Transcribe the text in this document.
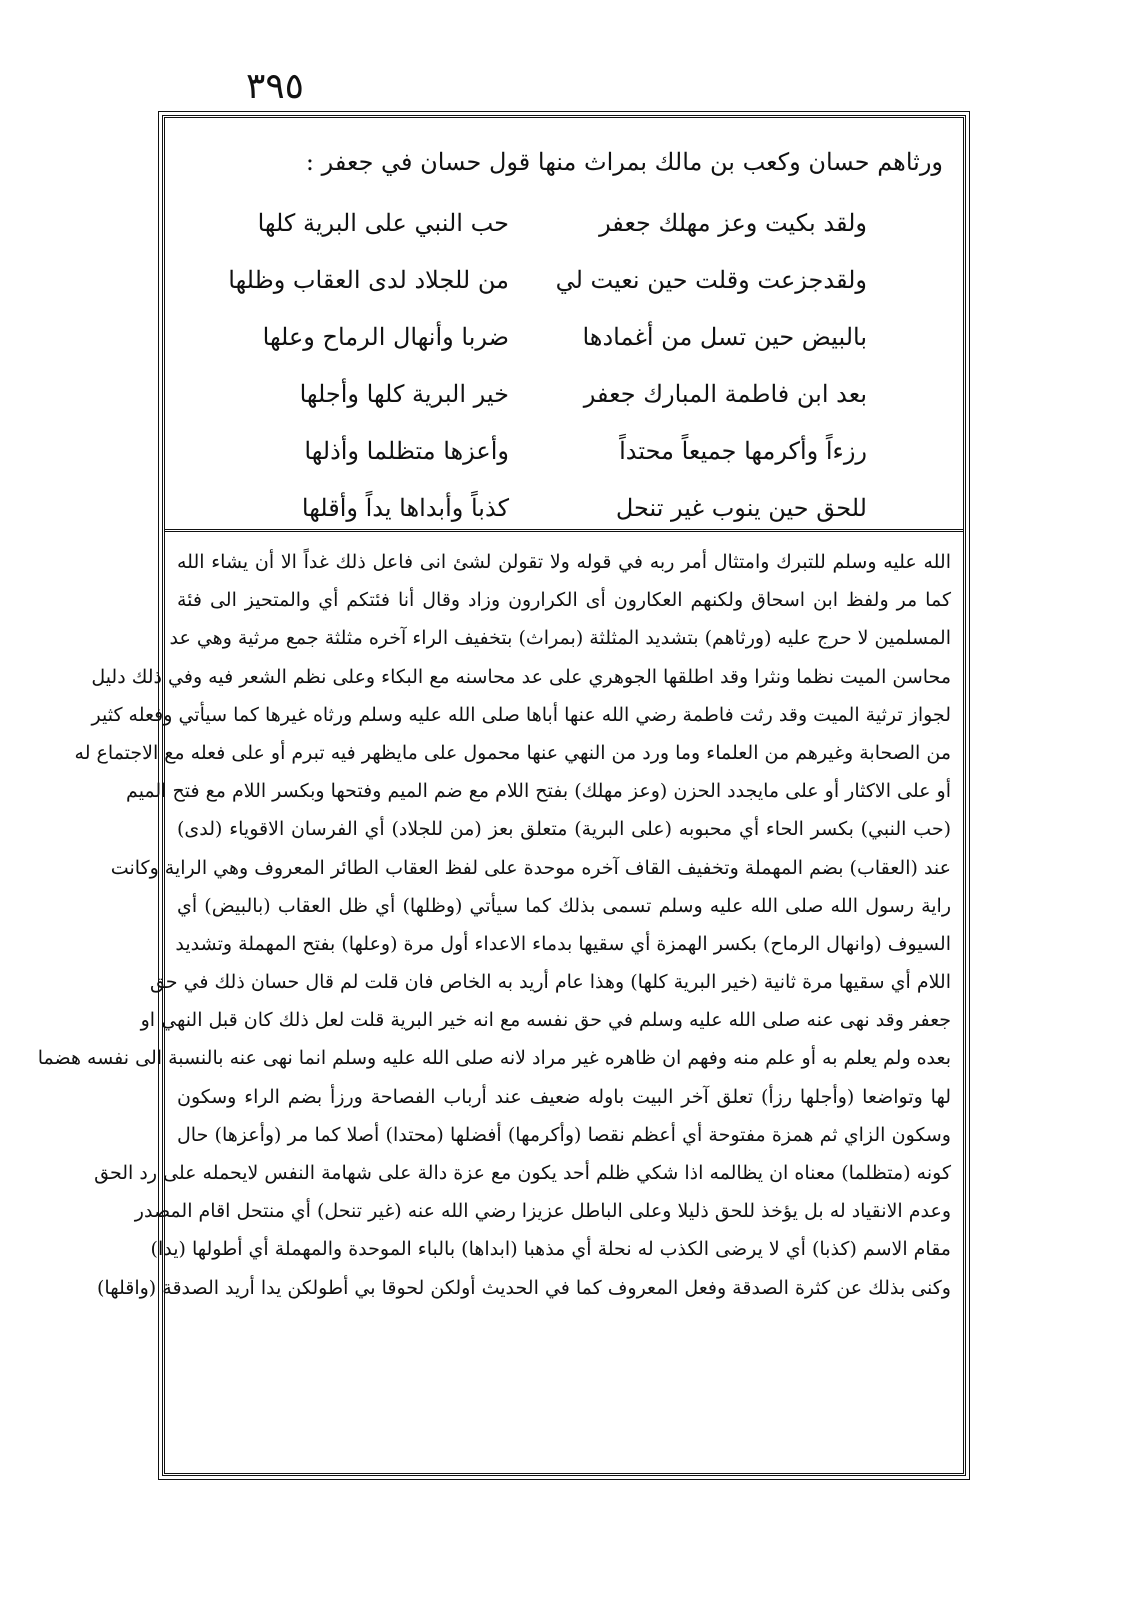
٣٩٥

ورثاهم حسان وكعب بن مالك بمراث منها قول حسان في جعفر :

ولقد بكيت وعز مهلك جعفر
حب النبي على البرية كلها
ولقدجزعت وقلت حين نعيت لي
من للجلاد لدى العقاب وظلها
بالبيض حين تسل من أغمادها
ضربا وأنهال الرماح وعلها
بعد ابن فاطمة المبارك جعفر
خير البرية كلها وأجلها
رزءاً وأكرمها جميعاً محتداً
وأعزها متظلما وأذلها
للحق حين ينوب غير تنحل
كذباً وأبداها يداً وأقلها
الله عليه وسلم للتبرك وامتثال أمر ربه في قوله ولا تقولن لشئ انى فاعل ذلك غداً الا أن يشاء الله
كما مر ولفظ ابن اسحاق ولكنهم العكارون أى الكرارون وزاد وقال أنا فئتكم أي والمتحيز الى فئة
المسلمين لا حرج عليه (ورثاهم) بتشديد المثلثة (بمراث) بتخفيف الراء آخره مثلثة جمع مرثية وهي عد
محاسن الميت نظما ونثرا وقد اطلقها الجوهري على عد محاسنه مع البكاء وعلى نظم الشعر فيه وفي ذلك دليل
لجواز ترثية الميت وقد رثت فاطمة رضي الله عنها أباها صلى الله عليه وسلم ورثاه غيرها كما سيأتي وفعله كثير
من الصحابة وغيرهم من العلماء وما ورد من النهي عنها محمول على مايظهر فيه تبرم أو على فعله مع الاجتماع له
أو على الاكثار أو على مايجدد الحزن (وعز مهلك) بفتح اللام مع ضم الميم وفتحها وبكسر اللام مع فتح الميم
(حب النبي) بكسر الحاء أي محبوبه (على البرية) متعلق بعز (من للجلاد) أي الفرسان الاقوياء (لدى)
عند (العقاب) بضم المهملة وتخفيف القاف آخره موحدة على لفظ العقاب الطائر المعروف وهي الراية وكانت
راية رسول الله صلى الله عليه وسلم تسمى بذلك كما سيأتي (وظلها) أي ظل العقاب (بالبيض) أي
السيوف (وانهال الرماح) بكسر الهمزة أي سقيها بدماء الاعداء أول مرة (وعلها) بفتح المهملة وتشديد
اللام أي سقيها مرة ثانية (خير البرية كلها) وهذا عام أريد به الخاص فان قلت لم قال حسان ذلك في حق
جعفر وقد نهى عنه صلى الله عليه وسلم في حق نفسه مع انه خير البرية قلت لعل ذلك كان قبل النهي او
بعده ولم يعلم به أو علم منه وفهم ان ظاهره غير مراد لانه صلى الله عليه وسلم انما نهى عنه بالنسبة الى نفسه هضما
لها وتواضعا (وأجلها رزأ) تعلق آخر البيت باوله ضعيف عند أرباب الفصاحة ورزأ بضم الراء وسكون
وسكون الزاي ثم همزة مفتوحة أي أعظم نقصا (وأكرمها) أفضلها (محتدا) أصلا كما مر (وأعزها) حال
كونه (متظلما) معناه ان يظالمه اذا شكي ظلم أحد يكون مع عزة دالة على شهامة النفس لايحمله على رد الحق
وعدم الانقياد له بل يؤخذ للحق ذليلا وعلى الباطل عزيزا رضي الله عنه (غير تنحل) أي منتحل اقام المصدر
مقام الاسم (كذبا) أي لا يرضى الكذب له نحلة أي مذهبا (ابداها) بالباء الموحدة والمهملة أي أطولها (يدا)
وكنى بذلك عن كثرة الصدقة وفعل المعروف كما في الحديث أولكن لحوقا بي أطولكن يدا أريد الصدقة (واقلها)
